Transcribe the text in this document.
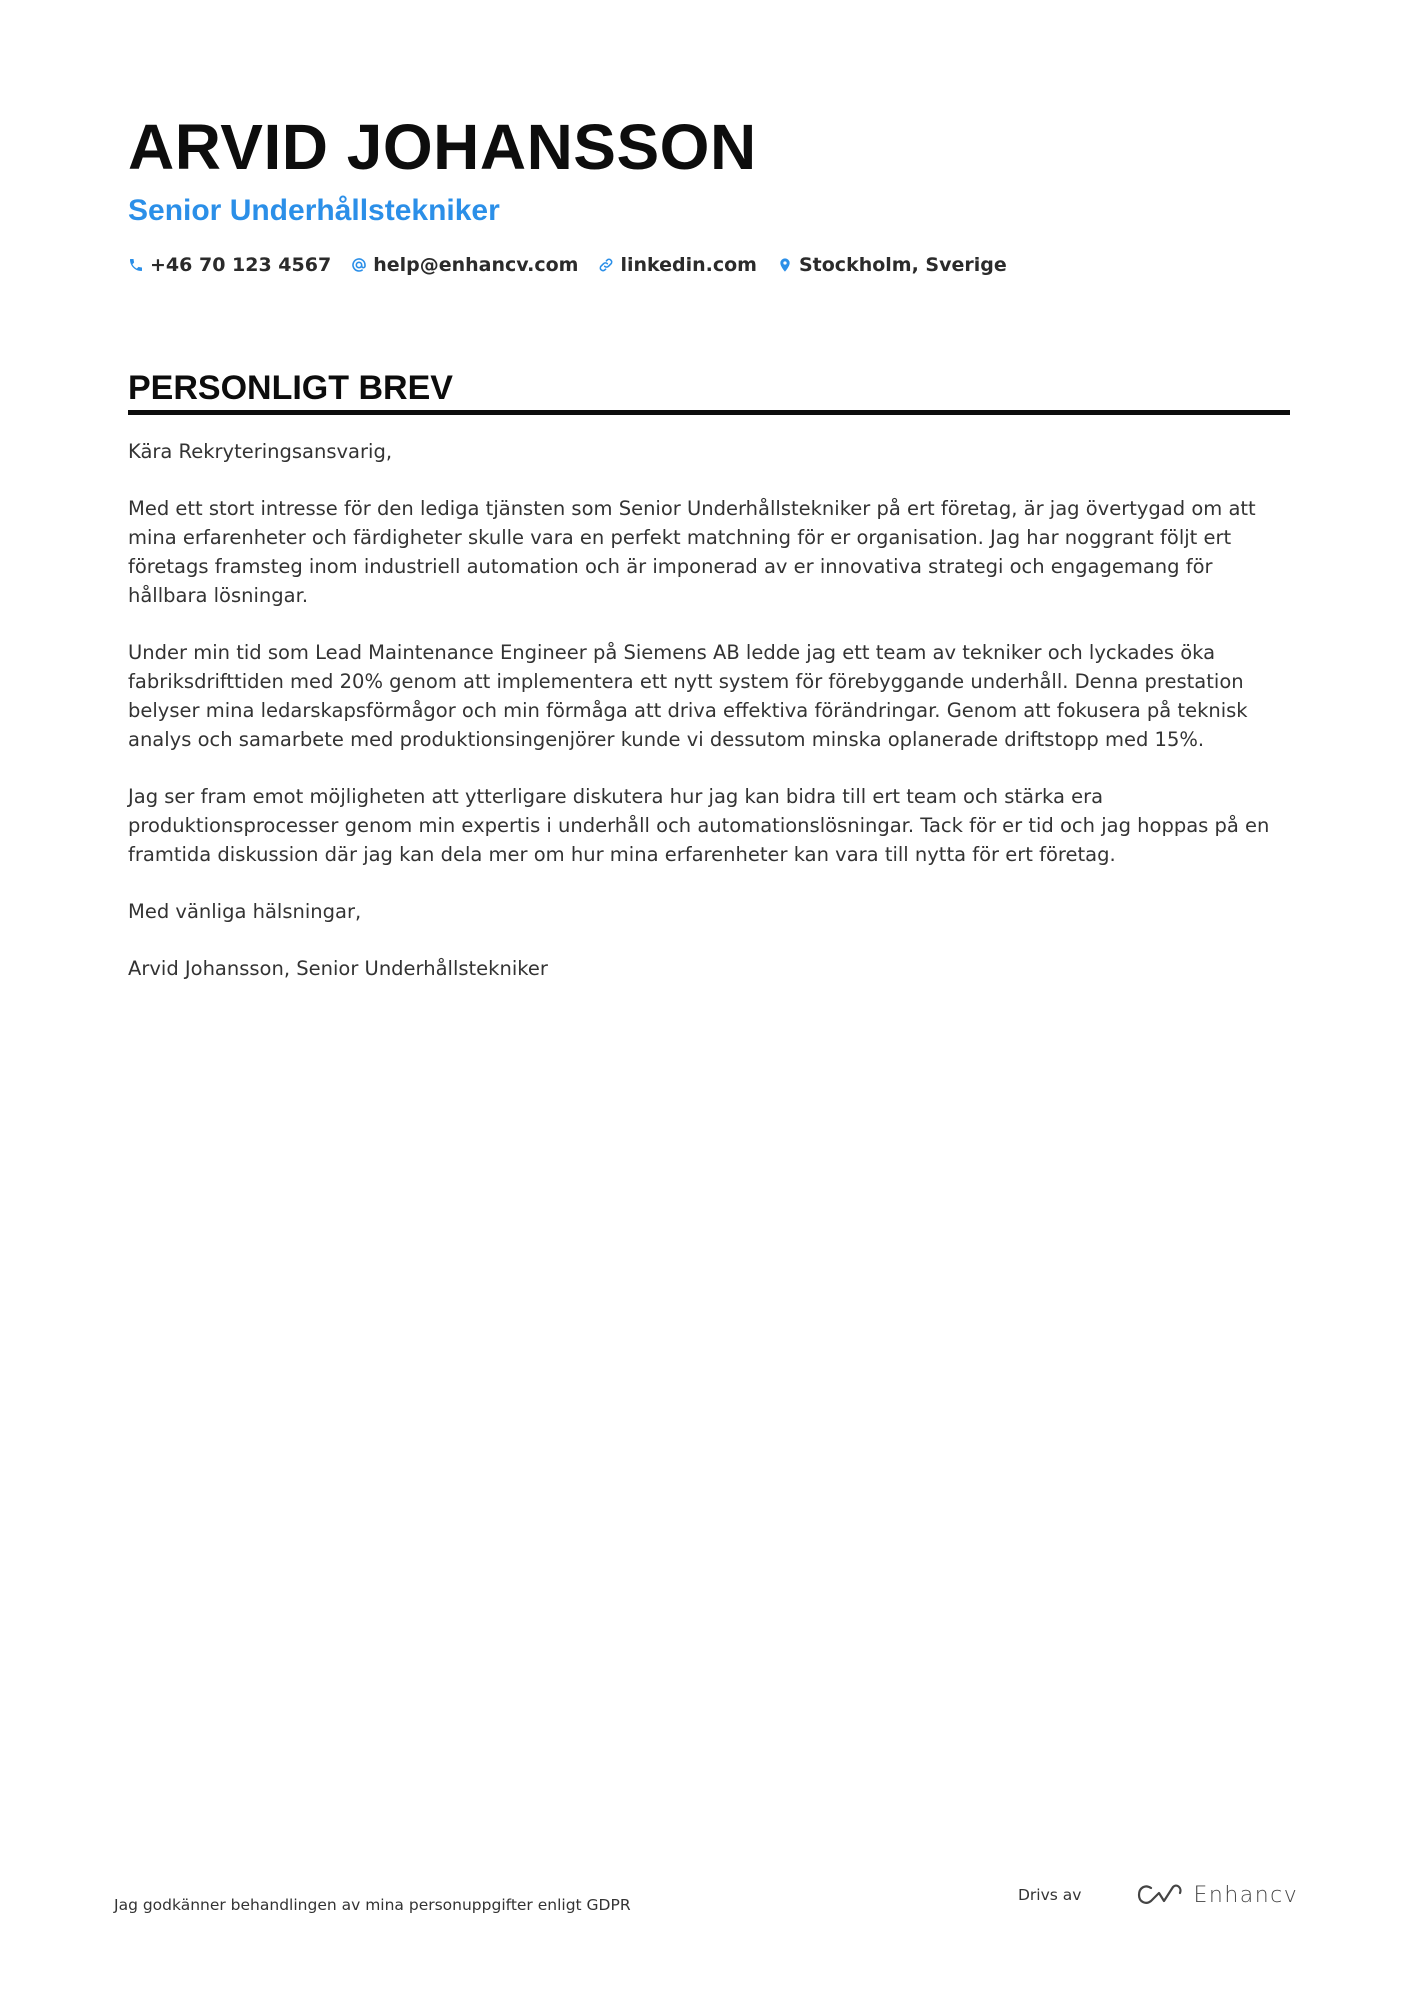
ARVID JOHANSSON
Senior Underhållstekniker
+46 70 123 4567 help@enhancv.com linkedin.com Stockholm, Sverige
PERSONLIGT BREV

Kära Rekryteringsansvarig,

Med ett stort intresse för den lediga tjänsten som Senior Underhållstekniker på ert företag, är jag övertygad om att mina erfarenheter och färdigheter skulle vara en perfekt matchning för er organisation. Jag har noggrant följt ert företags framsteg inom industriell automation och är imponerad av er innovativa strategi och engagemang för hållbara lösningar.

Under min tid som Lead Maintenance Engineer på Siemens AB ledde jag ett team av tekniker och lyckades öka fabriksdrifttiden med 20% genom att implementera ett nytt system för förebyggande underhåll. Denna prestation belyser mina ledarskapsförmågor och min förmåga att driva effektiva förändringar. Genom att fokusera på teknisk analys och samarbete med produktionsingenjörer kunde vi dessutom minska oplanerade driftstopp med 15%.

Jag ser fram emot möjligheten att ytterligare diskutera hur jag kan bidra till ert team och stärka era produktionsprocesser genom min expertis i underhåll och automationslösningar. Tack för er tid och jag hoppas på en framtida diskussion där jag kan dela mer om hur mina erfarenheter kan vara till nytta för ert företag.

Med vänliga hälsningar,

Arvid Johansson, Senior Underhållstekniker

Jag godkänner behandlingen av mina personuppgifter enligt GDPR
Drivs av	Enhancv
